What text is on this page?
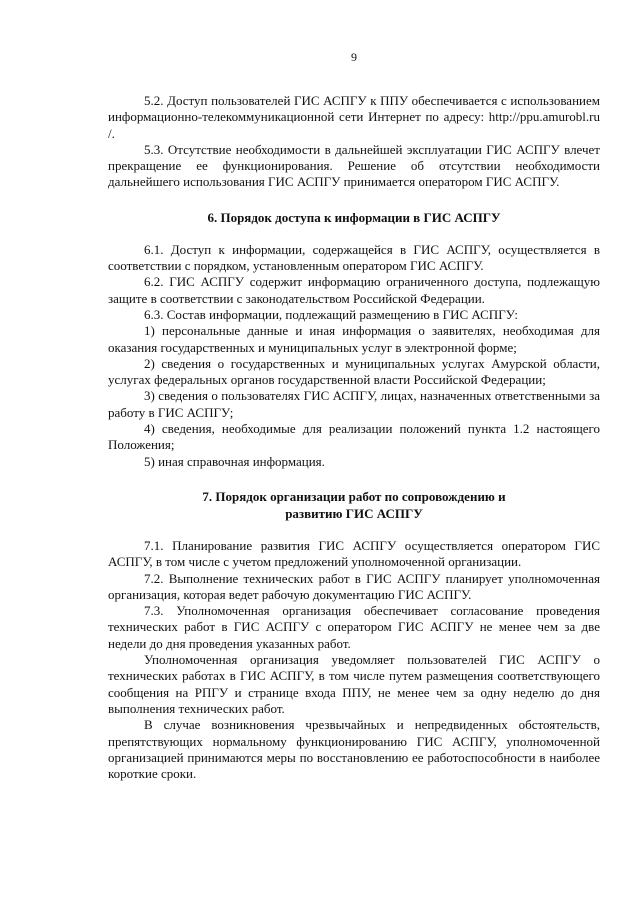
9

5.2. Доступ пользователей ГИС АСПГУ к ППУ обеспечивается с использованием информационно-телекоммуникационной сети Интернет по адресу: http://ppu.amurobl.ru /.

5.3. Отсутствие необходимости в дальнейшей эксплуатации ГИС АСПГУ влечет прекращение ее функционирования. Решение об отсутствии необходимости дальнейшего использования ГИС АСПГУ принимается оператором ГИС АСПГУ.

6. Порядок доступа к информации в ГИС АСПГУ

6.1. Доступ к информации, содержащейся в ГИС АСПГУ, осуществляется в соответствии с порядком, установленным оператором ГИС АСПГУ.

6.2. ГИС АСПГУ содержит информацию ограниченного доступа, подлежащую защите в соответствии с законодательством Российской Федерации.

6.3. Состав информации, подлежащий размещению в ГИС АСПГУ:

1) персональные данные и иная информация о заявителях, необходимая для оказания государственных и муниципальных услуг в электронной форме;

2) сведения о государственных и муниципальных услугах Амурской области, услугах федеральных органов государственной власти Российской Федерации;

3) сведения о пользователях ГИС АСПГУ, лицах, назначенных ответственными за работу в ГИС АСПГУ;

4) сведения, необходимые для реализации положений пункта 1.2 настоящего Положения;

5) иная справочная информация.

7. Порядок организации работ по сопровождению и
развитию ГИС АСПГУ

7.1. Планирование развития ГИС АСПГУ осуществляется оператором ГИС АСПГУ, в том числе с учетом предложений уполномоченной организации.

7.2. Выполнение технических работ в ГИС АСПГУ планирует уполномоченная организация, которая ведет рабочую документацию ГИС АСПГУ.

7.3. Уполномоченная организация обеспечивает согласование проведения технических работ в ГИС АСПГУ с оператором ГИС АСПГУ не менее чем за две недели до дня проведения указанных работ.

Уполномоченная организация уведомляет пользователей ГИС АСПГУ о технических работах в ГИС АСПГУ, в том числе путем размещения соответствующего сообщения на РПГУ и странице входа ППУ, не менее чем за одну неделю до дня выполнения технических работ.

В случае возникновения чрезвычайных и непредвиденных обстоятельств, препятствующих нормальному функционированию ГИС АСПГУ, уполномоченной организацией принимаются меры по восстановлению ее работоспособности в наиболее короткие сроки.
